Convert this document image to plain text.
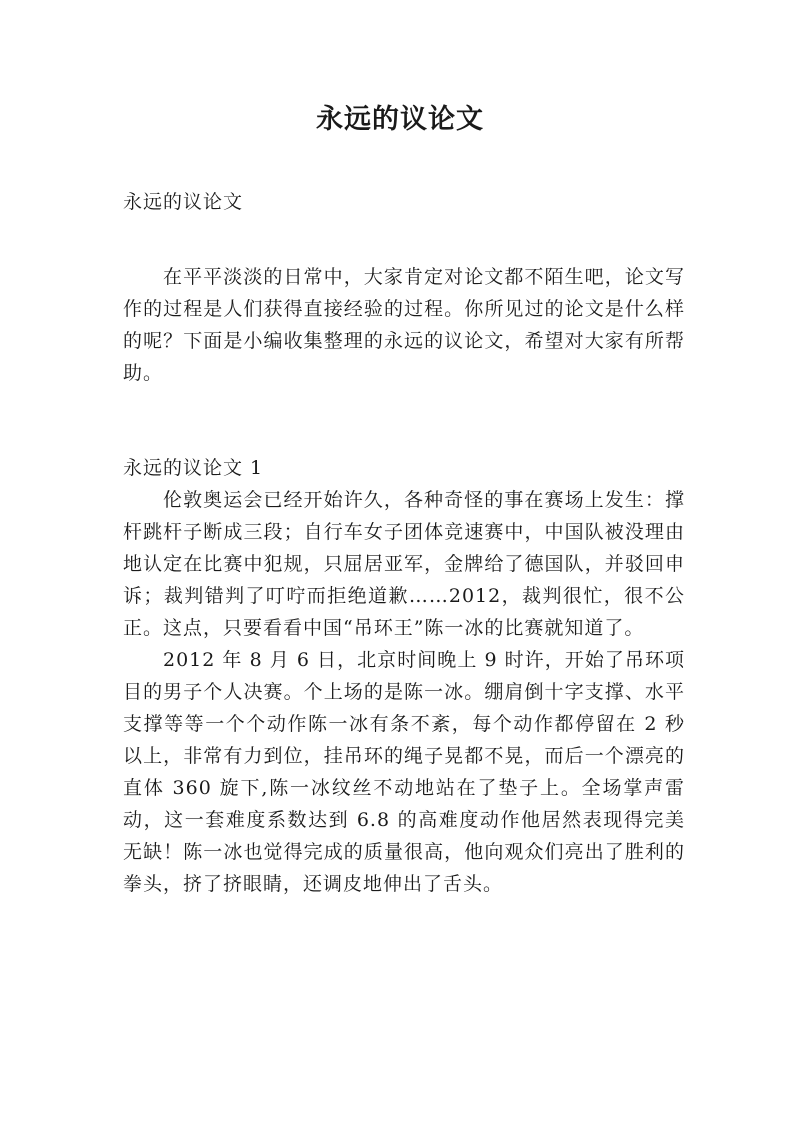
永远的议论文
永远的议论文

在平平淡淡的日常中，大家肯定对论文都不陌生吧，论文写作的过程是人们获得直接经验的过程。你所见过的论文是什么样的呢？下面是小编收集整理的永远的议论文，希望对大家有所帮助。

永远的议论文 1

伦敦奥运会已经开始许久，各种奇怪的事在赛场上发生：撑杆跳杆子断成三段；自行车女子团体竞速赛中，中国队被没理由地认定在比赛中犯规，只屈居亚军，金牌给了德国队，并驳回申诉；裁判错判了叮咛而拒绝道歉……2012，裁判很忙，很不公正。这点，只要看看中国“吊环王”陈一冰的比赛就知道了。

2012 年 8 月 6 日，北京时间晚上 9 时许，开始了吊环项目的男子个人决赛。个上场的是陈一冰。绷肩倒十字支撑、水平支撑等等一个个动作陈一冰有条不紊，每个动作都停留在 2 秒以上，非常有力到位，挂吊环的绳子晃都不晃，而后一个漂亮的直体 360 旋下,陈一冰纹丝不动地站在了垫子上。全场掌声雷动，这一套难度系数达到 6.8 的高难度动作他居然表现得完美无缺！陈一冰也觉得完成的质量很高，他向观众们亮出了胜利的拳头，挤了挤眼睛，还调皮地伸出了舌头。
